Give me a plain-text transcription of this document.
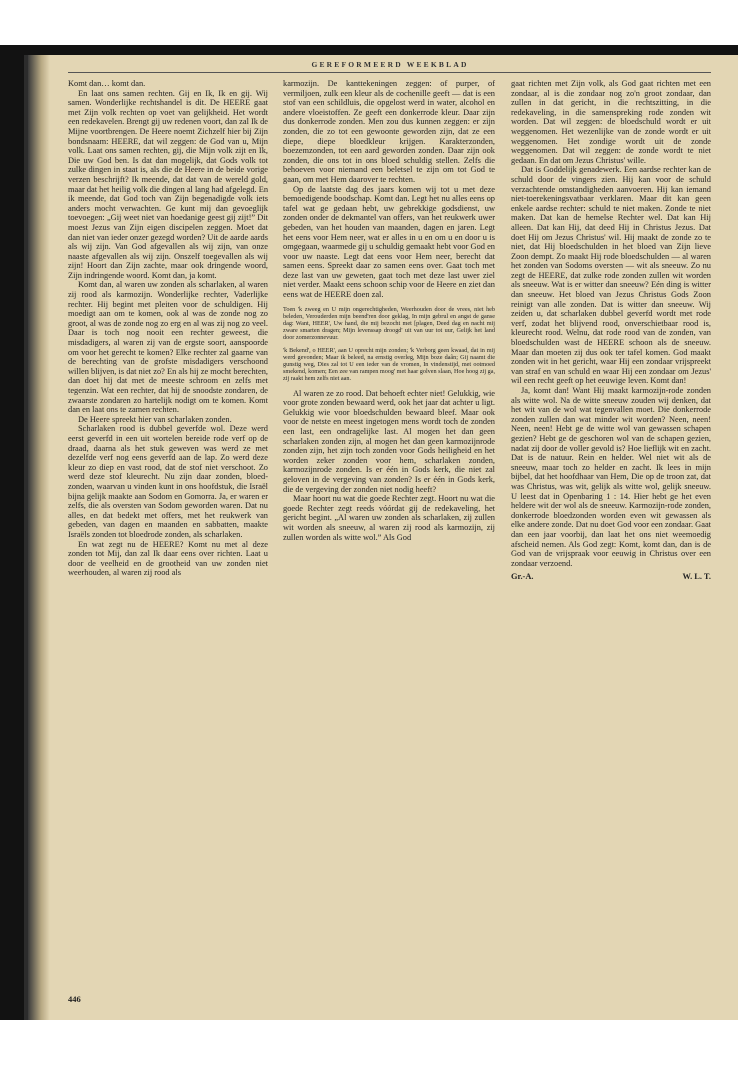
GEREFORMEERD WEEKBLAD

Komt dan… komt dan.

En laat ons samen rechten. Gij en Ik, Ik en gij. Wij samen. Wonderlijke rechtshandel is dit. De HEERE gaat met Zijn volk rechten op voet van gelijkheid. Het wordt een redekavelen. Brengt gij uw redenen voort, dan zal Ik de Mijne voortbrengen. De Heere noemt Zichzelf hier bij Zijn bondsnaam: HEERE, dat wil zeggen: de God van u, Mijn volk. Laat ons samen rechten, gij, die Mijn volk zijt en Ik, Die uw God ben. Is dat dan mogelijk, dat Gods volk tot zulke dingen in staat is, als die de Heere in de beide vorige verzen beschrijft? Ik meende, dat dat van de wereld gold, maar dat het heilig volk die dingen al lang had afgelegd. En ik meende, dat God toch van Zijn begenadigde volk iets anders mocht verwachten. Ge kunt mij dan gevoeglijk toevoegen: „Gij weet niet van hoedanige geest gij zijt!” Dit moest Jezus van Zijn eigen discipelen zeggen. Moet dat dan niet van ieder onzer gezegd worden? Uit de aarde aards als wij zijn. Van God afgevallen als wij zijn, van onze naaste afgevallen als wij zijn. Onszelf toegevallen als wij zijn! Hoort dan Zijn zachte, maar ook dringende woord, Zijn indringende woord. Komt dan, ja komt.

Komt dan, al waren uw zonden als scharlaken, al waren zij rood als karmozijn. Wonderlijke rechter, Vaderlijke rechter. Hij begint met pleiten voor de schuldigen. Hij moedigt aan om te komen, ook al was de zonde nog zo groot, al was de zonde nog zo erg en al was zij nog zo veel. Daar is toch nog nooit een rechter geweest, die misdadigers, al waren zij van de ergste soort, aanspoorde om voor het gerecht te komen? Elke rechter zal gaarne van de berechting van de grofste misdadigers verschoond willen blijven, is dat niet zo? En als hij ze mocht berechten, dan doet hij dat met de meeste schroom en zelfs met tegenzin. Wat een rechter, dat hij de snoodste zondaren, de zwaarste zondaren zo hartelijk nodigt om te komen. Komt dan en laat ons te zamen rechten.

De Heere spreekt hier van scharlaken zonden.

Scharlaken rood is dubbel geverfde wol. Deze werd eerst geverfd in een uit wortelen bereide rode verf op de draad, daarna als het stuk geweven was werd ze met dezelfde verf nog eens geverfd aan de lap. Zo werd deze kleur zo diep en vast rood, dat de stof niet verschoot. Zo werd deze stof kleurecht. Nu zijn daar zonden, bloed-zonden, waarvan u vinden kunt in ons hoofdstuk, die Israël bijna gelijk maakte aan Sodom en Gomorra. Ja, er waren er zelfs, die als oversten van Sodom geworden waren. Dat nu alles, en dat bedekt met offers, met het reukwerk van gebeden, van dagen en maanden en sabbatten, maakte Israëls zonden tot bloedrode zonden, als scharlaken.

En wat zegt nu de HEERE? Komt nu met al deze zonden tot Mij, dan zal Ik daar eens over richten. Laat u door de veelheid en de grootheid van uw zonden niet weerhouden, al waren zij rood als

karmozijn. De kanttekeningen zeggen: of purper, of vermiljoen, zulk een kleur als de cochenille geeft — dat is een stof van een schildluis, die opgelost werd in water, alcohol en andere vloeistoffen. Ze geeft een donkerrode kleur. Daar zijn dus donkerrode zonden. Men zou dus kunnen zeggen: er zijn zonden, die zo tot een gewoonte geworden zijn, dat ze een diepe, diepe bloedkleur krijgen. Karakterzonden, boezemzonden, tot een aard geworden zonden. Daar zijn ook zonden, die ons tot in ons bloed schuldig stellen. Zelfs die behoeven voor niemand een beletsel te zijn om tot God te gaan, om met Hem daarover te rechten.

Op de laatste dag des jaars komen wij tot u met deze bemoedigende boodschap. Komt dan. Legt het nu alles eens op tafel wat ge gedaan hebt, uw gebrekkige godsdienst, uw zonden onder de dekmantel van offers, van het reukwerk uwer gebeden, van het houden van maanden, dagen en jaren. Legt het eens voor Hem neer, wat er alles in u en om u en door u is omgegaan, waarmede gij u schuldig gemaakt hebt voor God en voor uw naaste. Legt dat eens voor Hem neer, berecht dat samen eens. Spreekt daar zo samen eens over. Gaat toch met deze last van uw geweten, gaat toch met deze last uwer ziel niet verder. Maakt eens schoon schip voor de Heere en ziet dan eens wat de HEERE doen zal.

Toen 'k zweeg en U mijn ongerechtigheden, Weerhouden door de vrees, niet heb beleden, Verouderden mijn beend'ren door geklag, In mijn gebrul en angst de ganse dag: Want, HEER', Uw hand, die mij bezocht met [plagen, Deed dag en nacht mij zware smarten dragen; Mijn levenssap droogd' uit van uur tot uur, Gelijk het land door zomerzonnevuur.

'k Bekend', o HEER', aan U oprecht mijn zonden; 'k Verborg geen kwaad, dat in mij werd gevonden; Maar ik beleed, na ernstig overleg, Mijn boze daân; Gij naamt die gunstig weg, Dies zal tot U een ieder van de vromen, In vindenstijd, met ootmoed smekend, komen; Een zee van rampen moog' met haar golven slaan, Hoe hoog zij ga, zij raakt hem zelfs niet aan.

Al waren ze zo rood. Dat behoeft echter niet! Gelukkig, wie voor grote zonden bewaard werd, ook het jaar dat achter u ligt. Gelukkig wie voor bloedschulden bewaard bleef. Maar ook voor de netste en meest ingetogen mens wordt toch de zonden een last, een ondragelijke last. Al mogen het dan geen scharlaken zonden zijn, al mogen het dan geen karmozijnrode zonden zijn, het zijn toch zonden voor Gods heiligheid en het worden zeker zonden voor hem, scharlaken zonden, karmozijnrode zonden. Is er één in Gods kerk, die niet zal geloven in de vergeving van zonden? Is er één in Gods kerk, die de vergeving der zonden niet nodig heeft?

Maar hoort nu wat die goede Rechter zegt. Hoort nu wat die goede Rechter zegt reeds vóórdat gij de redekaveling, het gericht begint. „Al waren uw zonden als scharlaken, zij zullen wit worden als sneeuw, al waren zij rood als karmozijn, zij zullen worden als witte wol.” Als God

gaat richten met Zijn volk, als God gaat richten met een zondaar, al is die zondaar nog zo'n groot zondaar, dan zullen in dat gericht, in die rechtszitting, in die redekaveling, in die samenspreking rode zonden wit worden. Dat wil zeggen: de bloedschuld wordt er uit weggenomen. Het wezenlijke van de zonde wordt er uit weggenomen. Het zondige wordt uit de zonde weggenomen. Dat wil zeggen: de zonde wordt te niet gedaan. En dat om Jezus Christus' wille.

Dat is Goddelijk genadewerk. Een aardse rechter kan de schuld door de vingers zien. Hij kan voor de schuld verzachtende omstandigheden aanvoeren. Hij kan iemand niet-toerekeningsvatbaar verklaren. Maar dit kan geen enkele aardse rechter: schuld te niet maken. Zonde te niet maken. Dat kan de hemelse Rechter wel. Dat kan Hij alleen. Dat kan Hij, dat deed Hij in Christus Jezus. Dat doet Hij om Jezus Christus' wil. Hij maakt de zonde zo te niet, dat Hij bloedschulden in het bloed van Zijn lieve Zoon dempt. Zo maakt Hij rode bloedschulden — al waren het zonden van Sodoms oversten — wit als sneeuw. Zo nu zegt de HEERE, dat zulke rode zonden zullen wit worden als sneeuw. Wat is er witter dan sneeuw? Eén ding is witter dan sneeuw. Het bloed van Jezus Christus Gods Zoon reinigt van alle zonden. Dat is witter dan sneeuw. Wij zeiden u, dat scharlaken dubbel geverfd wordt met rode verf, zodat het blijvend rood, onverschietbaar rood is, kleurecht rood. Welnu, dat rode rood van de zonden, van bloedschulden wast de HEERE schoon als de sneeuw. Maar dan moeten zij dus ook ter tafel komen. God maakt zonden wit in het gericht, waar Hij een zondaar vrijspreekt van straf en van schuld en waar Hij een zondaar om Jezus' wil een recht geeft op het eeuwige leven. Komt dan!

Ja, komt dan! Want Hij maakt karmozijn-rode zonden als witte wol. Na de witte sneeuw zouden wij denken, dat het wit van de wol wat tegenvallen moet. Die donkerrode zonden zullen dan wat minder wit worden? Neen, neen! Neen, neen! Hebt ge de witte wol van gewassen schapen gezien? Hebt ge de geschoren wol van de schapen gezien, nadat zij door de voller gevold is? Hoe lieflijk wit en zacht. Dat is de natuur. Rein en helder. Wel niet wit als de sneeuw, maar toch zo helder en zacht. Ik lees in mijn bijbel, dat het hoofdhaar van Hem, Die op de troon zat, dat was Christus, was wit, gelijk als witte wol, gelijk sneeuw. U leest dat in Openbaring 1 : 14. Hier hebt ge het even heldere wit der wol als de sneeuw. Karmozijn-rode zonden, donkerrode bloedzonden worden even wit gewassen als elke andere zonde. Dat nu doet God voor een zondaar. Gaat dan een jaar voorbij, dan laat het ons niet weemoedig afscheid nemen. Als God zegt: Komt, komt dan, dan is de God van de vrijspraak voor eeuwig in Christus over een zondaar verzoend.

Gr.-A.	W. L. T.
446
